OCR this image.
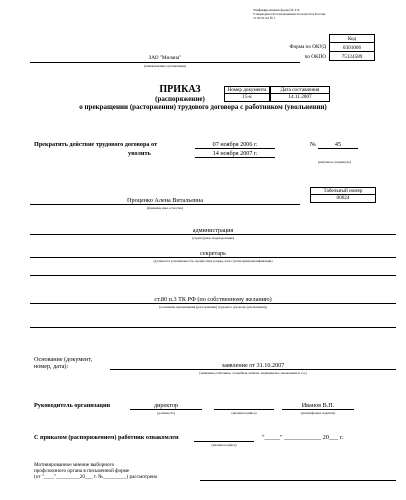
Унифицированная форма № Т-8
Утверждена Постановлением Госкомстата России
от 05.01.04 № 1
Код
Форма по ОКУД	0301006
по ОКПО	75124589
ЗАО "Милана"
(наименование организации)
Номер документа	Дата составления
15-к	14.11.2007
ПРИКАЗ
(распоряжение)
о прекращении (расторжении) трудового договора с работником (увольнении)
Прекратить действие трудового договора от	07 ноября 2006 г.	№	45
уволить	14 ноября 2007 г.
(ненужное зачеркнуть)
Табельный номер
00024
Проценко Алена Витальевна
(фамилия, имя, отчество)
администрация
(структурное подразделение)
секретарь
(должность (специальность, профессия), разряд, класс (категория) квалификации)
ст.80 п.3 ТК РФ (по собственному желанию)
(основание прекращения (расторжения) трудового договора (увольнения))
Основание (документ,
номер, дата):	заявление от 31.10.2007
(заявление работника, служебная записка, медицинское заключение и т.д.)
Руководитель организации	директор
(должность)	(личная подпись)
Иванов В.П.
(расшифровка подписи)
С приказом (распоряжением) работник ознакомлен
(личная подпись)
"_____" ____________ 20___ г.
Мотивированное мнение выборного
профсоюзного органа в письменной форме
(от "____"_________20___ г. №_________) рассмотрено
